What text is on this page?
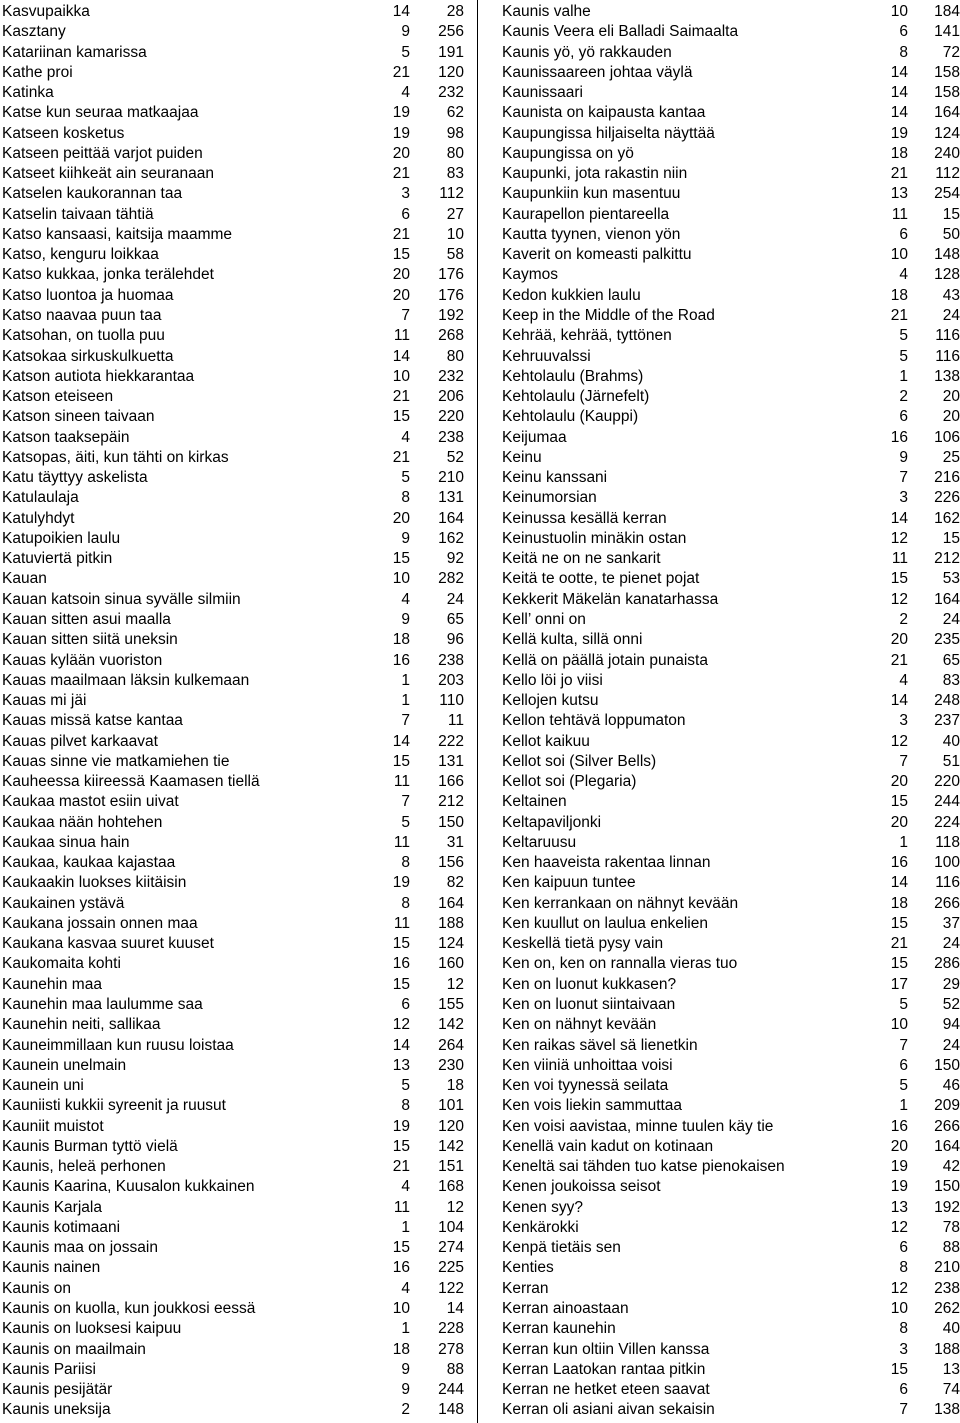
Kasvupaikka	14	28
Kasztany	9	256
Katariinan kamarissa	5	191
Kathe proi	21	120
Katinka	4	232
Katse kun seuraa matkaajaa	19	62
Katseen kosketus	19	98
Katseen peittää varjot puiden	20	80
Katseet kiihkeät ain seuranaan	21	83
Katselen kaukorannan taa	3	112
Katselin taivaan tähtiä	6	27
Katso kansaasi, kaitsija maamme	21	10
Katso, kenguru loikkaa	15	58
Katso kukkaa, jonka terälehdet	20	176
Katso luontoa ja huomaa	20	176
Katso naavaa puun taa	7	192
Katsohan, on tuolla puu	11	268
Katsokaa sirkuskulkuetta	14	80
Katson autiota hiekkarantaa	10	232
Katson eteiseen	21	206
Katson sineen taivaan	15	220
Katson taaksepäin	4	238
Katsopas, äiti, kun tähti on kirkas	21	52
Katu täyttyy askelista	5	210
Katulaulaja	8	131
Katulyhdyt	20	164
Katupoikien laulu	9	162
Katuviertä pitkin	15	92
Kauan	10	282
Kauan katsoin sinua syvälle silmiin	4	24
Kauan sitten asui maalla	9	65
Kauan sitten siitä uneksin	18	96
Kauas kylään vuoriston	16	238
Kauas maailmaan läksin kulkemaan	1	203
Kauas mi jäi	1	110
Kauas missä katse kantaa	7	11
Kauas pilvet karkaavat	14	222
Kauas sinne vie matkamiehen tie	15	131
Kauheessa kiireessä Kaamasen tiellä	11	166
Kaukaa mastot esiin uivat	7	212
Kaukaa nään hohtehen	5	150
Kaukaa sinua hain	11	31
Kaukaa, kaukaa kajastaa	8	156
Kaukaakin luokses kiitäisin	19	82
Kaukainen ystävä	8	164
Kaukana jossain onnen maa	11	188
Kaukana kasvaa suuret kuuset	15	124
Kaukomaita kohti	16	160
Kaunehin maa	15	12
Kaunehin maa laulumme saa	6	155
Kaunehin neiti, sallikaa	12	142
Kauneimmillaan kun ruusu loistaa	14	264
Kaunein unelmain	13	230
Kaunein uni	5	18
Kauniisti kukkii syreenit ja ruusut	8	101
Kauniit muistot	19	120
Kaunis Burman tyttö vielä	15	142
Kaunis, heleä perhonen	21	151
Kaunis Kaarina, Kuusalon kukkainen	4	168
Kaunis Karjala	11	12
Kaunis kotimaani	1	104
Kaunis maa on jossain	15	274
Kaunis nainen	16	225
Kaunis on	4	122
Kaunis on kuolla, kun joukkosi eessä	10	14
Kaunis on luoksesi kaipuu	1	228
Kaunis on maailmain	18	278
Kaunis Pariisi	9	88
Kaunis pesijätär	9	244
Kaunis uneksija	2	148
Kaunis valhe	10	184
Kaunis Veera eli Balladi Saimaalta	6	141
Kaunis yö, yö rakkauden	8	72
Kaunissaareen johtaa väylä	14	158
Kaunissaari	14	158
Kaunista on kaipausta kantaa	14	164
Kaupungissa hiljaiselta näyttää	19	124
Kaupungissa on yö	18	240
Kaupunki, jota rakastin niin	21	112
Kaupunkiin kun masentuu	13	254
Kaurapellon pientareella	11	15
Kautta tyynen, vienon yön	6	50
Kaverit on komeasti palkittu	10	148
Kaymos	4	128
Kedon kukkien laulu	18	43
Keep in the Middle of the Road	21	24
Kehrää, kehrää, tyttönen	5	116
Kehruuvalssi	5	116
Kehtolaulu (Brahms)	1	138
Kehtolaulu (Järnefelt)	2	20
Kehtolaulu (Kauppi)	6	20
Keijumaa	16	106
Keinu	9	25
Keinu kanssani	7	216
Keinumorsian	3	226
Keinussa kesällä kerran	14	162
Keinustuolin minäkin ostan	12	15
Keitä ne on ne sankarit	11	212
Keitä te ootte, te pienet pojat	15	53
Kekkerit Mäkelän kanatarhassa	12	164
Kell’ onni on	2	24
Kellä kulta, sillä onni	20	235
Kellä on päällä jotain punaista	21	65
Kello löi jo viisi	4	83
Kellojen kutsu	14	248
Kellon tehtävä loppumaton	3	237
Kellot kaikuu	12	40
Kellot soi (Silver Bells)	7	51
Kellot soi (Plegaria)	20	220
Keltainen	15	244
Keltapaviljonki	20	224
Keltaruusu	1	118
Ken haaveista rakentaa linnan	16	100
Ken kaipuun tuntee	14	116
Ken kerrankaan on nähnyt kevään	18	266
Ken kuullut on laulua enkelien	15	37
Keskellä tietä pysy vain	21	24
Ken on, ken on rannalla vieras tuo	15	286
Ken on luonut kukkasen?	17	29
Ken on luonut siintaivaan	5	52
Ken on nähnyt kevään	10	94
Ken raikas sävel sä lienetkin	7	24
Ken viiniä unhoittaa voisi	6	150
Ken voi tyynessä seilata	5	46
Ken vois liekin sammuttaa	1	209
Ken voisi aavistaa, minne tuulen käy tie	16	266
Kenellä vain kadut on kotinaan	20	164
Keneltä sai tähden tuo katse pienokaisen	19	42
Kenen joukoissa seisot	19	150
Kenen syy?	13	192
Kenkärokki	12	78
Kenpä tietäis sen	6	88
Kenties	8	210
Kerran	12	238
Kerran ainoastaan	10	262
Kerran kaunehin	8	40
Kerran kun oltiin Villen kanssa	3	188
Kerran Laatokan rantaa pitkin	15	13
Kerran ne hetket eteen saavat	6	74
Kerran oli asiani aivan sekaisin	7	138
